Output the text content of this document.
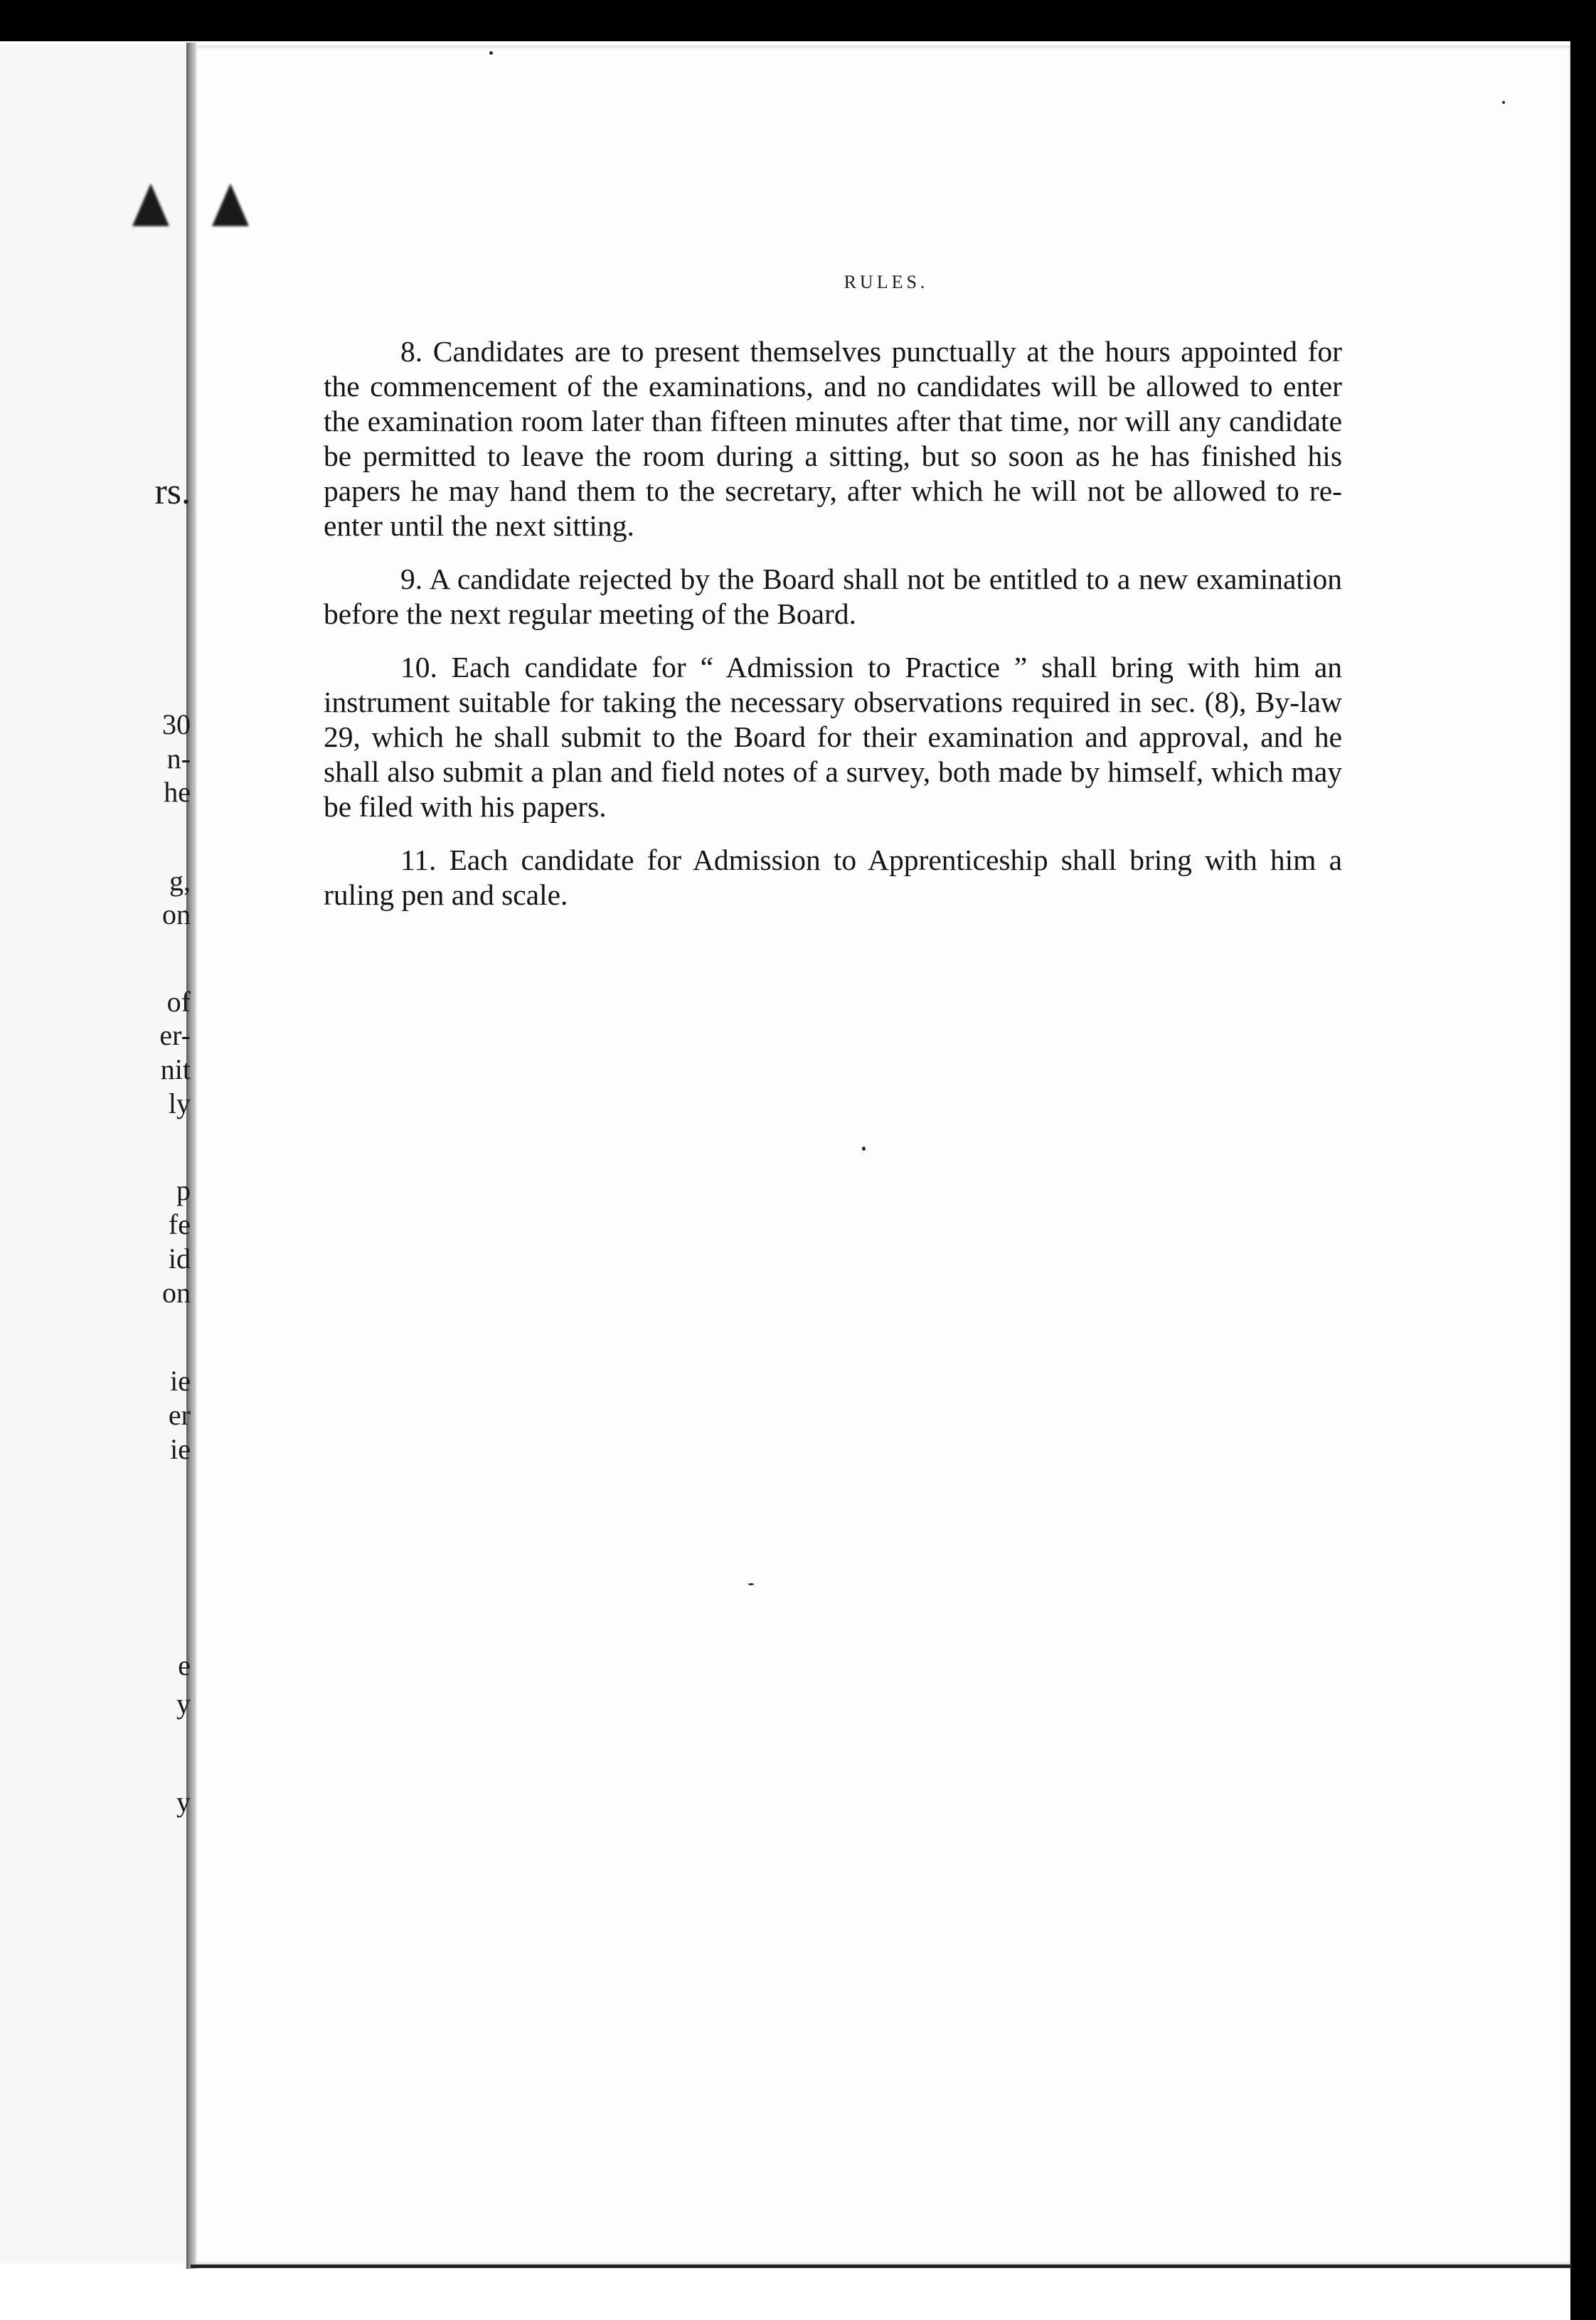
RULES.

8. Candidates are to present themselves punctually at the hours appointed for the commencement of the examinations, and no candidates will be allowed to enter the examination room later than fifteen minutes after that time, nor will any candidate be permitted to leave the room during a sitting, but so soon as he has finished his papers he may hand them to the secretary, after which he will not be allowed to re-enter until the next sitting.

9. A candidate rejected by the Board shall not be entitled to a new examination before the next regular meeting of the Board.

10. Each candidate for “ Admission to Practice ” shall bring with him an instrument suitable for taking the necessary observations required in sec. (8), By-law 29, which he shall submit to the Board for their examination and approval, and he shall also submit a plan and field notes of a survey, both made by himself, which may be filed with his papers.

11. Each candidate for Admission to Apprenticeship shall bring with him a ruling pen and scale.

rs.
30
n-
he
g,
on
of
er-
nit
ly
p
fe
id
on
ie
er
ie
e
y
y
